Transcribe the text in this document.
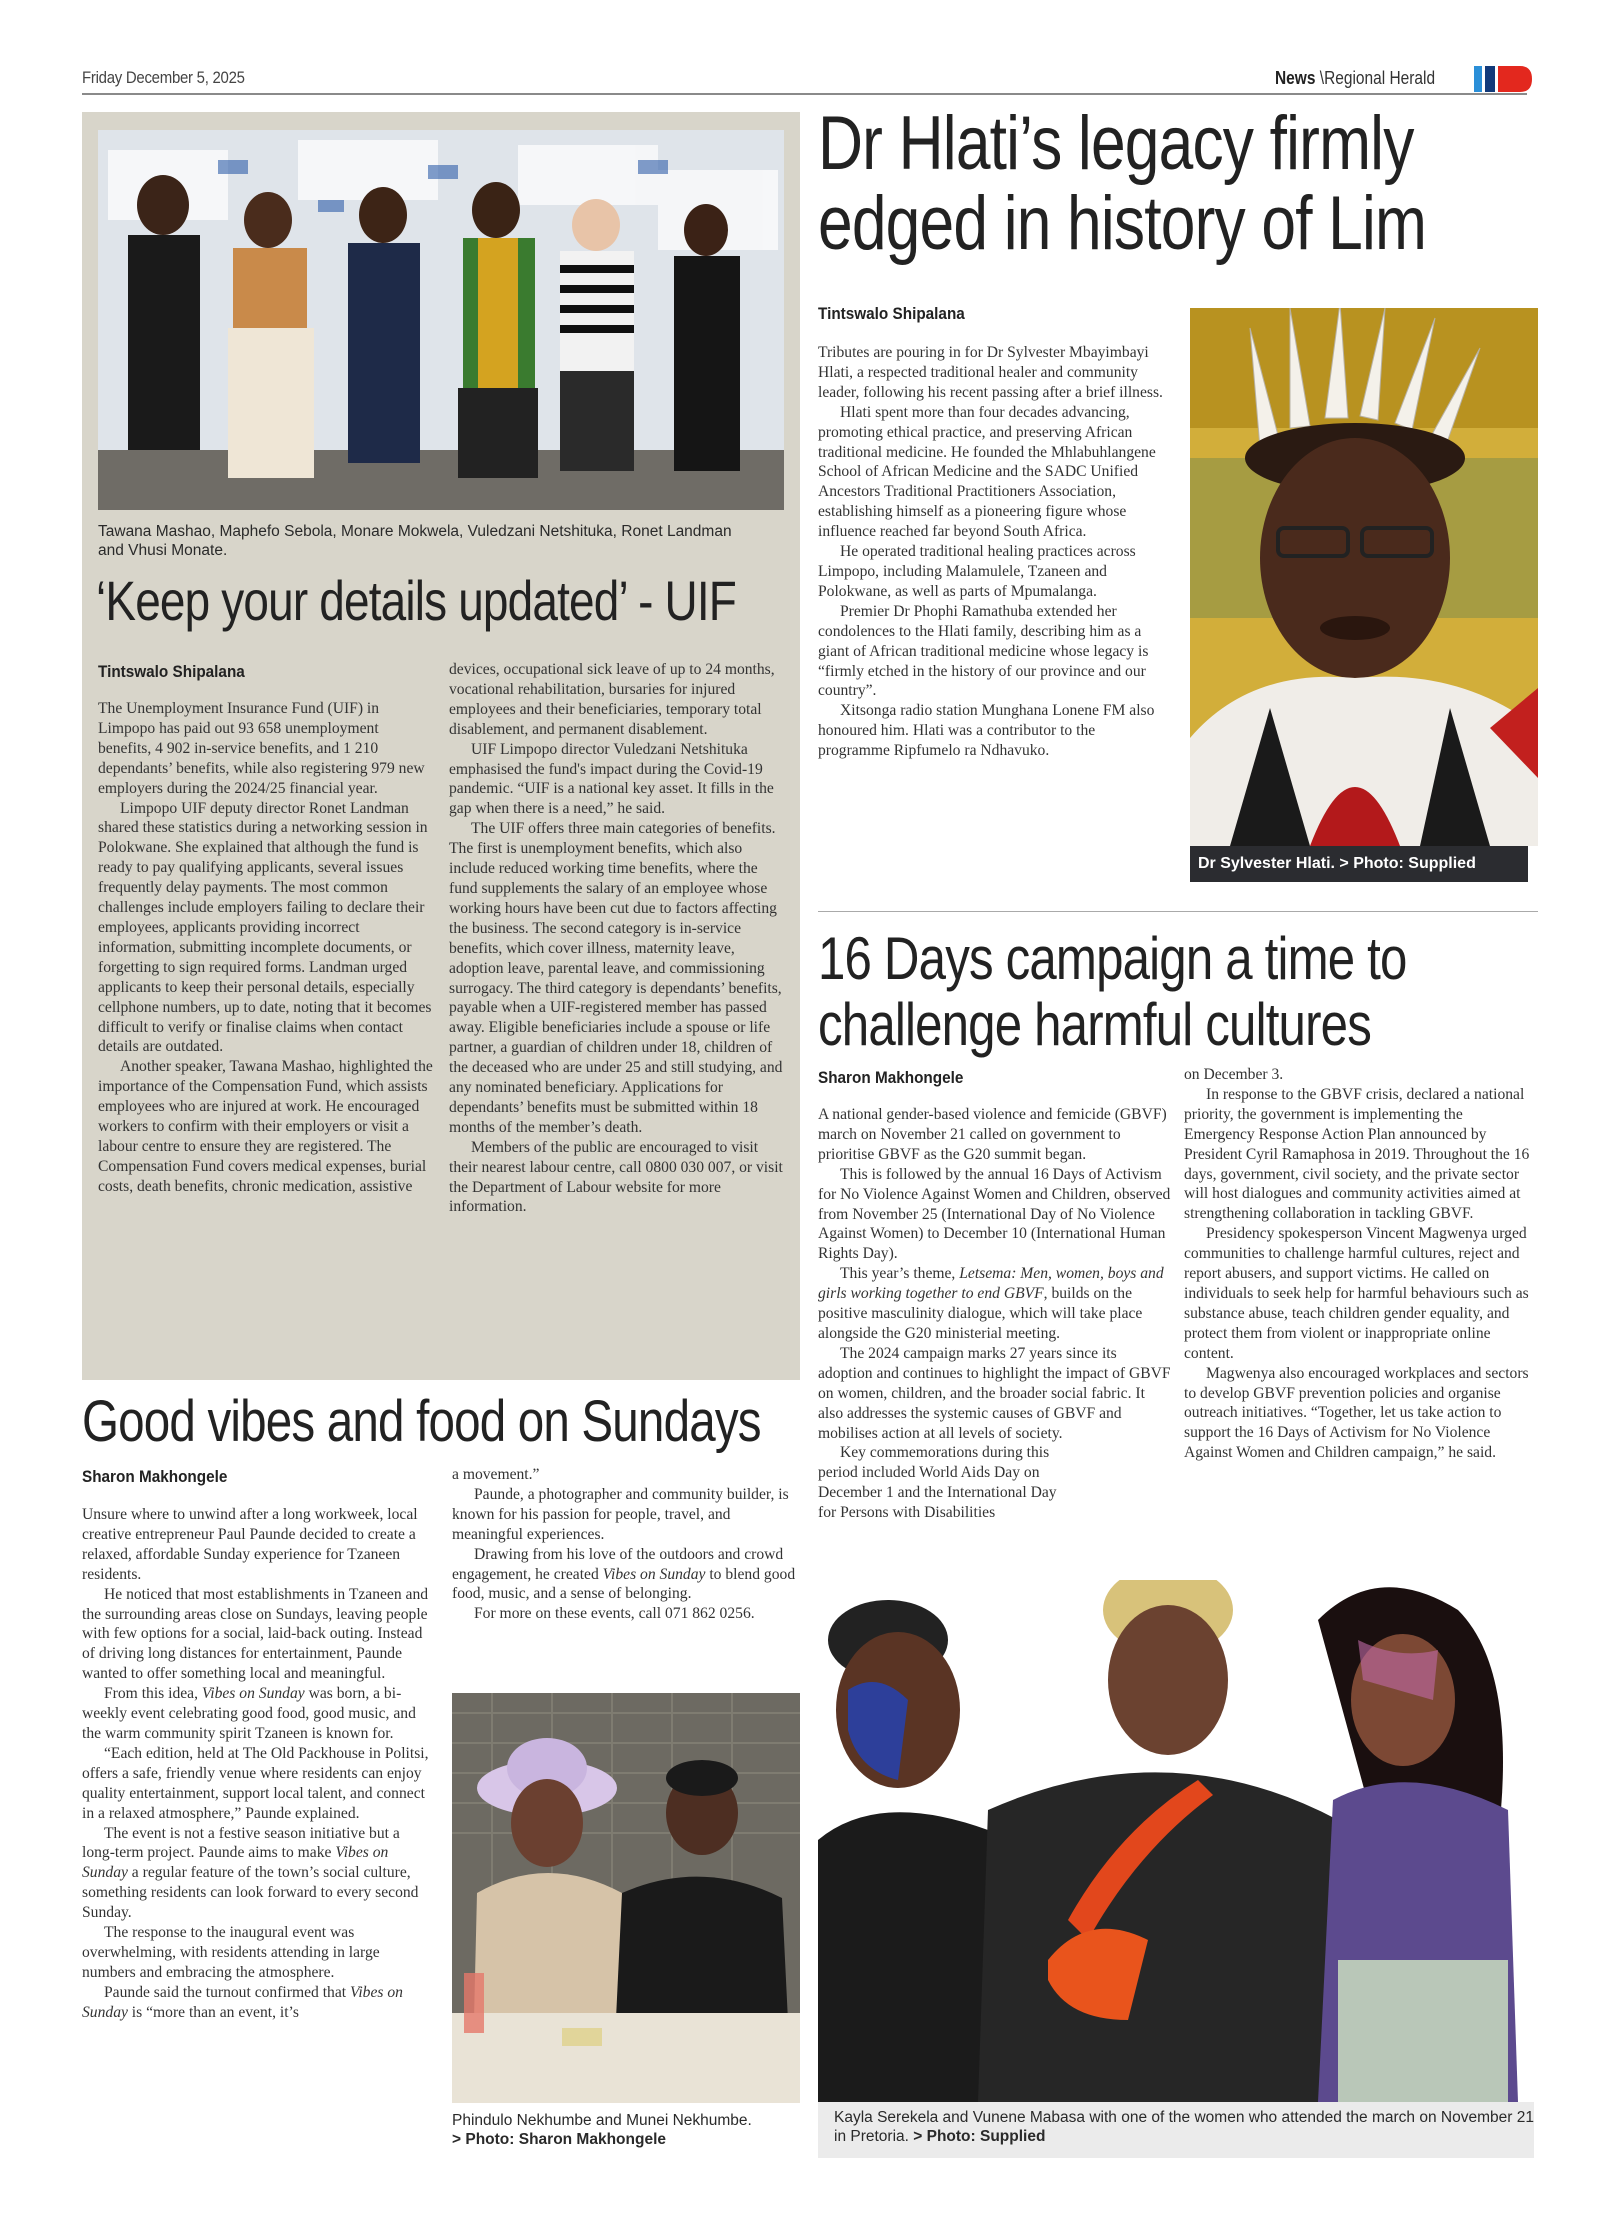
Friday December 5, 2025	News \Regional Herald
Tawana Mashao, Maphefo Sebola, Monare Mokwela, Vuledzani Netshituka, Ronet Landman and Vhusi Monate.
‘Keep your details updated’ - UIF
Tintswalo Shipalana

The Unemployment Insurance Fund (UIF) in Limpopo has paid out 93 658 unemployment benefits, 4 902 in-service benefits, and 1 210 dependants’ benefits, while also registering 979 new employers during the 2024/25 financial year.

Limpopo UIF deputy director Ronet Landman shared these statistics during a networking session in Polokwane. She explained that although the fund is ready to pay qualifying applicants, several issues frequently delay payments. The most common challenges include employers failing to declare their employees, applicants providing incorrect information, submitting incomplete documents, or forgetting to sign required forms. Landman urged applicants to keep their personal details, especially cellphone numbers, up to date, noting that it becomes difficult to verify or finalise claims when contact details are outdated.

Another speaker, Tawana Mashao, highlighted the importance of the Compensation Fund, which assists employees who are injured at work. He encouraged workers to confirm with their employers or visit a labour centre to ensure they are registered. The Compensation Fund covers medical expenses, burial costs, death benefits, chronic medication, assistive

devices, occupational sick leave of up to 24 months, vocational rehabilitation, bursaries for injured employees and their beneficiaries, temporary total disablement, and permanent disablement.

UIF Limpopo director Vuledzani Netshituka emphasised the fund's impact during the Covid-19 pandemic. “UIF is a national key asset. It fills in the gap when there is a need,” he said.

The UIF offers three main categories of benefits. The first is unemployment benefits, which also include reduced working time benefits, where the fund supplements the salary of an employee whose working hours have been cut due to factors affecting the business. The second category is in-service benefits, which cover illness, maternity leave, adoption leave, parental leave, and commissioning surrogacy. The third category is dependants’ benefits, payable when a UIF-registered member has passed away. Eligible beneficiaries include a spouse or life partner, a guardian of children under 18, children of the deceased who are under 25 and still studying, and any nominated beneficiary. Applications for dependants’ benefits must be submitted within 18 months of the member’s death.

Members of the public are encouraged to visit their nearest labour centre, call 0800 030 007, or visit the Department of Labour website for more information.

Dr Hlati’s legacy firmly
edged in history of Lim
Tintswalo Shipalana

Tributes are pouring in for Dr Sylvester Mbayimbayi Hlati, a respected traditional healer and community leader, following his recent passing after a brief illness.

Hlati spent more than four decades advancing, promoting ethical practice, and preserving African traditional medicine. He founded the Mhlabuhlangene School of African Medicine and the SADC Unified Ancestors Traditional Practitioners Association, establishing himself as a pioneering figure whose influence reached far beyond South Africa.

He operated traditional healing practices across Limpopo, including Malamulele, Tzaneen and Polokwane, as well as parts of Mpumalanga.

Premier Dr Phophi Ramathuba extended her condolences to the Hlati family, describing him as a giant of African traditional medicine whose legacy is “firmly etched in the history of our province and our country”.

Xitsonga radio station Munghana Lonene FM also honoured him. Hlati was a contributor to the programme Ripfumelo ra Ndhavuko.

Dr Sylvester Hlati. > Photo: Supplied
16 Days campaign a time to
challenge harmful cultures
Sharon Makhongele

A national gender-based violence and femicide (GBVF) march on November 21 called on government to prioritise GBVF as the G20 summit began.

This is followed by the annual 16 Days of Activism for No Violence Against Women and Children, observed from November 25 (International Day of No Violence Against Women) to December 10 (International Human Rights Day).

This year’s theme, Letsema: Men, women, boys and girls working together to end GBVF, builds on the positive masculinity dialogue, which will take place alongside the G20 ministerial meeting.

The 2024 campaign marks 27 years since its adoption and continues to highlight the impact of GBVF on women, children, and the broader social fabric. It also addresses the systemic causes of GBVF and mobilises action at all levels of society.

Key commemorations during this period included World Aids Day on December 1 and the International Day for Persons with Disabilities

on December 3.

In response to the GBVF crisis, declared a national priority, the government is implementing the Emergency Response Action Plan announced by President Cyril Ramaphosa in 2019. Throughout the 16 days, government, civil society, and the private sector will host dialogues and community activities aimed at strengthening collaboration in tackling GBVF.

Presidency spokesperson Vincent Magwenya urged communities to challenge harmful cultures, reject and report abusers, and support victims. He called on individuals to seek help for harmful behaviours such as substance abuse, teach children gender equality, and protect them from violent or inappropriate online content.

Magwenya also encouraged workplaces and sectors to develop GBVF prevention policies and organise outreach initiatives. “Together, let us take action to support the 16 Days of Activism for No Violence Against Women and Children campaign,” he said.

Kayla Serekela and Vunene Mabasa with one of the women who attended the march on November 21 in Pretoria. > Photo: Supplied
Good vibes and food on Sundays
Sharon Makhongele

Unsure where to unwind after a long workweek, local creative entrepreneur Paul Paunde decided to create a relaxed, affordable Sunday experience for Tzaneen residents.

He noticed that most establishments in Tzaneen and the surrounding areas close on Sundays, leaving people with few options for a social, laid-back outing. Instead of driving long distances for entertainment, Paunde wanted to offer something local and meaningful.

From this idea, Vibes on Sunday was born, a bi-weekly event celebrating good food, good music, and the warm community spirit Tzaneen is known for.

“Each edition, held at The Old Packhouse in Politsi, offers a safe, friendly venue where residents can enjoy quality entertainment, support local talent, and connect in a relaxed atmosphere,” Paunde explained.

The event is not a festive season initiative but a long-term project. Paunde aims to make Vibes on Sunday a regular feature of the town’s social culture, something residents can look forward to every second Sunday.

The response to the inaugural event was overwhelming, with residents attending in large numbers and embracing the atmosphere.

Paunde said the turnout confirmed that Vibes on Sunday is “more than an event, it’s

a movement.”

Paunde, a photographer and community builder, is known for his passion for people, travel, and meaningful experiences.

Drawing from his love of the outdoors and crowd engagement, he created Vibes on Sunday to blend good food, music, and a sense of belonging.

For more on these events, call 071 862 0256.

Phindulo Nekhumbe and Munei Nekhumbe.
> Photo: Sharon Makhongele
